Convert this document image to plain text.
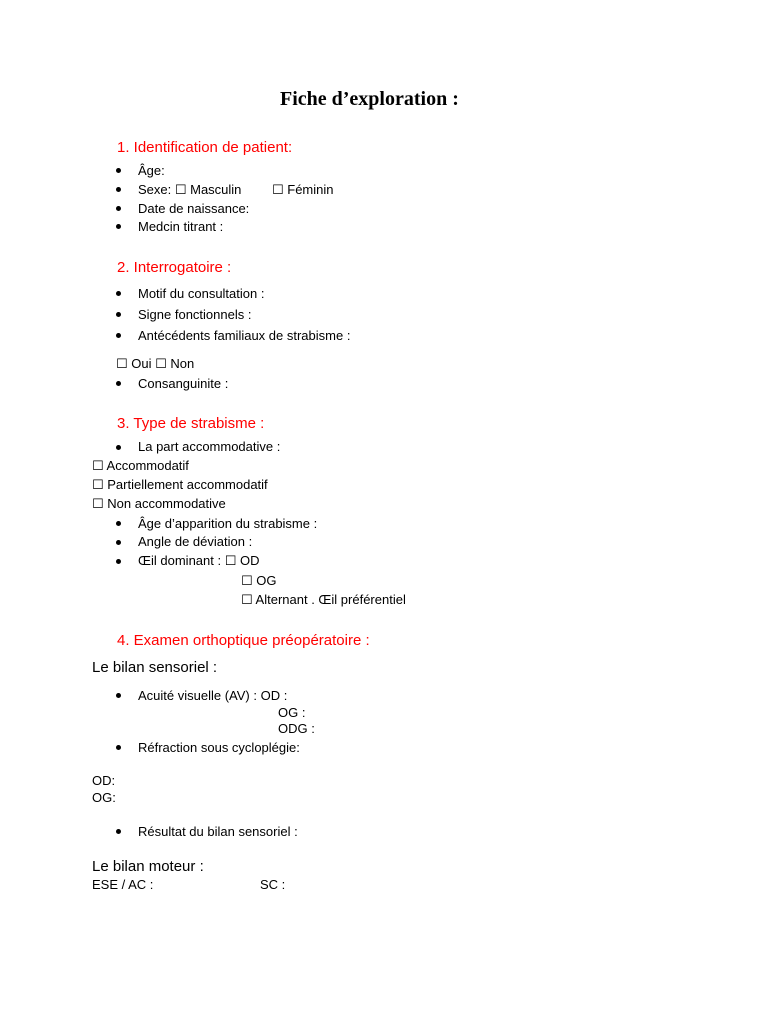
Fiche d’exploration :
1. Identification de patient:
Âge:
Sexe: ☐ Masculin ☐ Féminin
Date de naissance:
Medcin titrant :
2. Interrogatoire :
Motif du consultation :
Signe fonctionnels :
Antécédents familiaux de strabisme :
☐ Oui ☐ Non
Consanguinite :
3. Type de strabisme :
La part accommodative :
☐ Accommodatif
☐ Partiellement accommodatif
☐ Non accommodative
Âge d’apparition du strabisme :
Angle de déviation :
Œil dominant : ☐ OD
☐ OG
☐ Alternant . Œil préférentiel
4. Examen orthoptique préopératoire :
Le bilan sensoriel :
Acuité visuelle (AV) : OD :
OG :
ODG :
Réfraction sous cycloplégie:
OD:
OG:
Résultat du bilan sensoriel :
Le bilan moteur :
ESE / AC :	SC :
